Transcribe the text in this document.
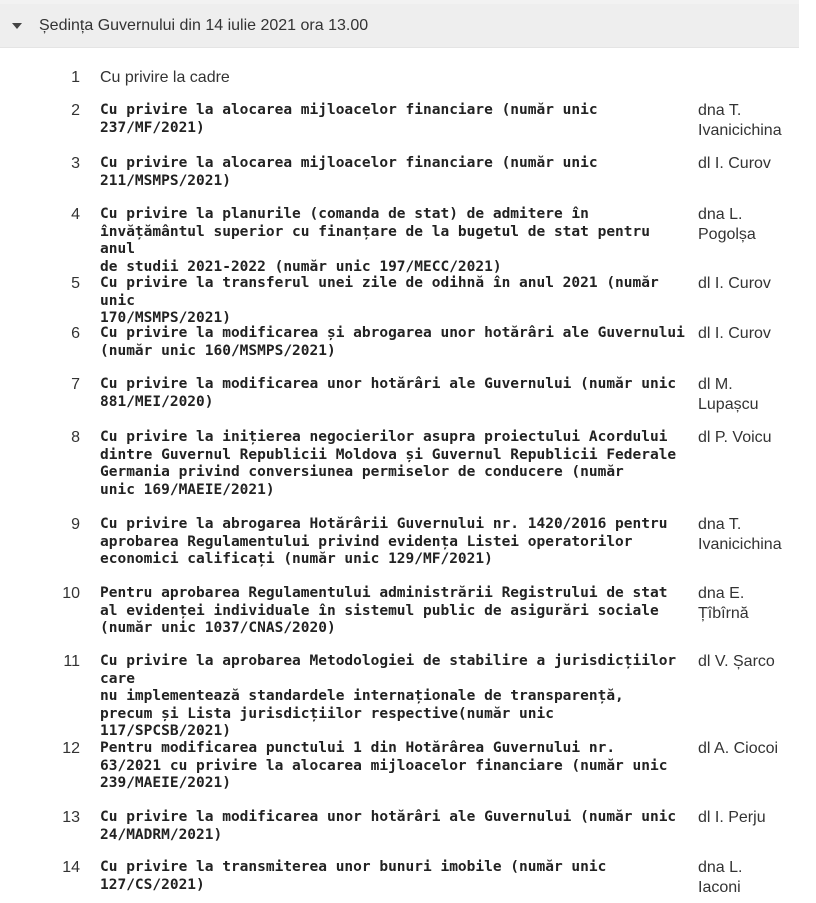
Ședința Guvernului din 14 iulie 2021 ora 13.00
1 Cu privire la cadre
2 Cu privire la alocarea mijloacelor financiare (număr unic
237/MF/2021)
dna T.
Ivanicichina
3 Cu privire la alocarea mijloacelor financiare (număr unic
211/MSMPS/2021)
dl I. Curov
4 Cu privire la planurile (comanda de stat) de admitere în
învățământul superior cu finanțare de la bugetul de stat pentru anul
de studii 2021-2022 (număr unic 197/MECC/2021)
dna L.
Pogolșa
5 Cu privire la transferul unei zile de odihnă în anul 2021 (număr unic
170/MSMPS/2021)
dl I. Curov
6 Cu privire la modificarea și abrogarea unor hotărâri ale Guvernului
(număr unic 160/MSMPS/2021)
dl I. Curov
7 Cu privire la modificarea unor hotărâri ale Guvernului (număr unic
881/MEI/2020)
dl M.
Lupașcu
8 Cu privire la inițierea negocierilor asupra proiectului Acordului
dintre Guvernul Republicii Moldova și Guvernul Republicii Federale
Germania privind conversiunea permiselor de conducere (număr
unic 169/MAEIE/2021)
dl P. Voicu
9 Cu privire la abrogarea Hotărârii Guvernului nr. 1420/2016 pentru
aprobarea Regulamentului privind evidența Listei operatorilor
economici calificați (număr unic 129/MF/2021)
dna T.
Ivanicichina
10 Pentru aprobarea Regulamentului administrării Registrului de stat
al evidenței individuale în sistemul public de asigurări sociale
(număr unic 1037/CNAS/2020)
dna E.
Țîbîrnă
11 Cu privire la aprobarea Metodologiei de stabilire a jurisdicțiilor care
nu implementează standardele internaționale de transparență,
precum și Lista jurisdicțiilor respective(număr unic
117/SPCSB/2021)
dl V. Șarco
12 Pentru modificarea punctului 1 din Hotărârea Guvernului nr.
63/2021 cu privire la alocarea mijloacelor financiare (număr unic
239/MAEIE/2021)
dl A. Ciocoi
13 Cu privire la modificarea unor hotărâri ale Guvernului (număr unic
24/MADRM/2021)
dl I. Perju
14 Cu privire la transmiterea unor bunuri imobile (număr unic
127/CS/2021)
dna L.
Iaconi
